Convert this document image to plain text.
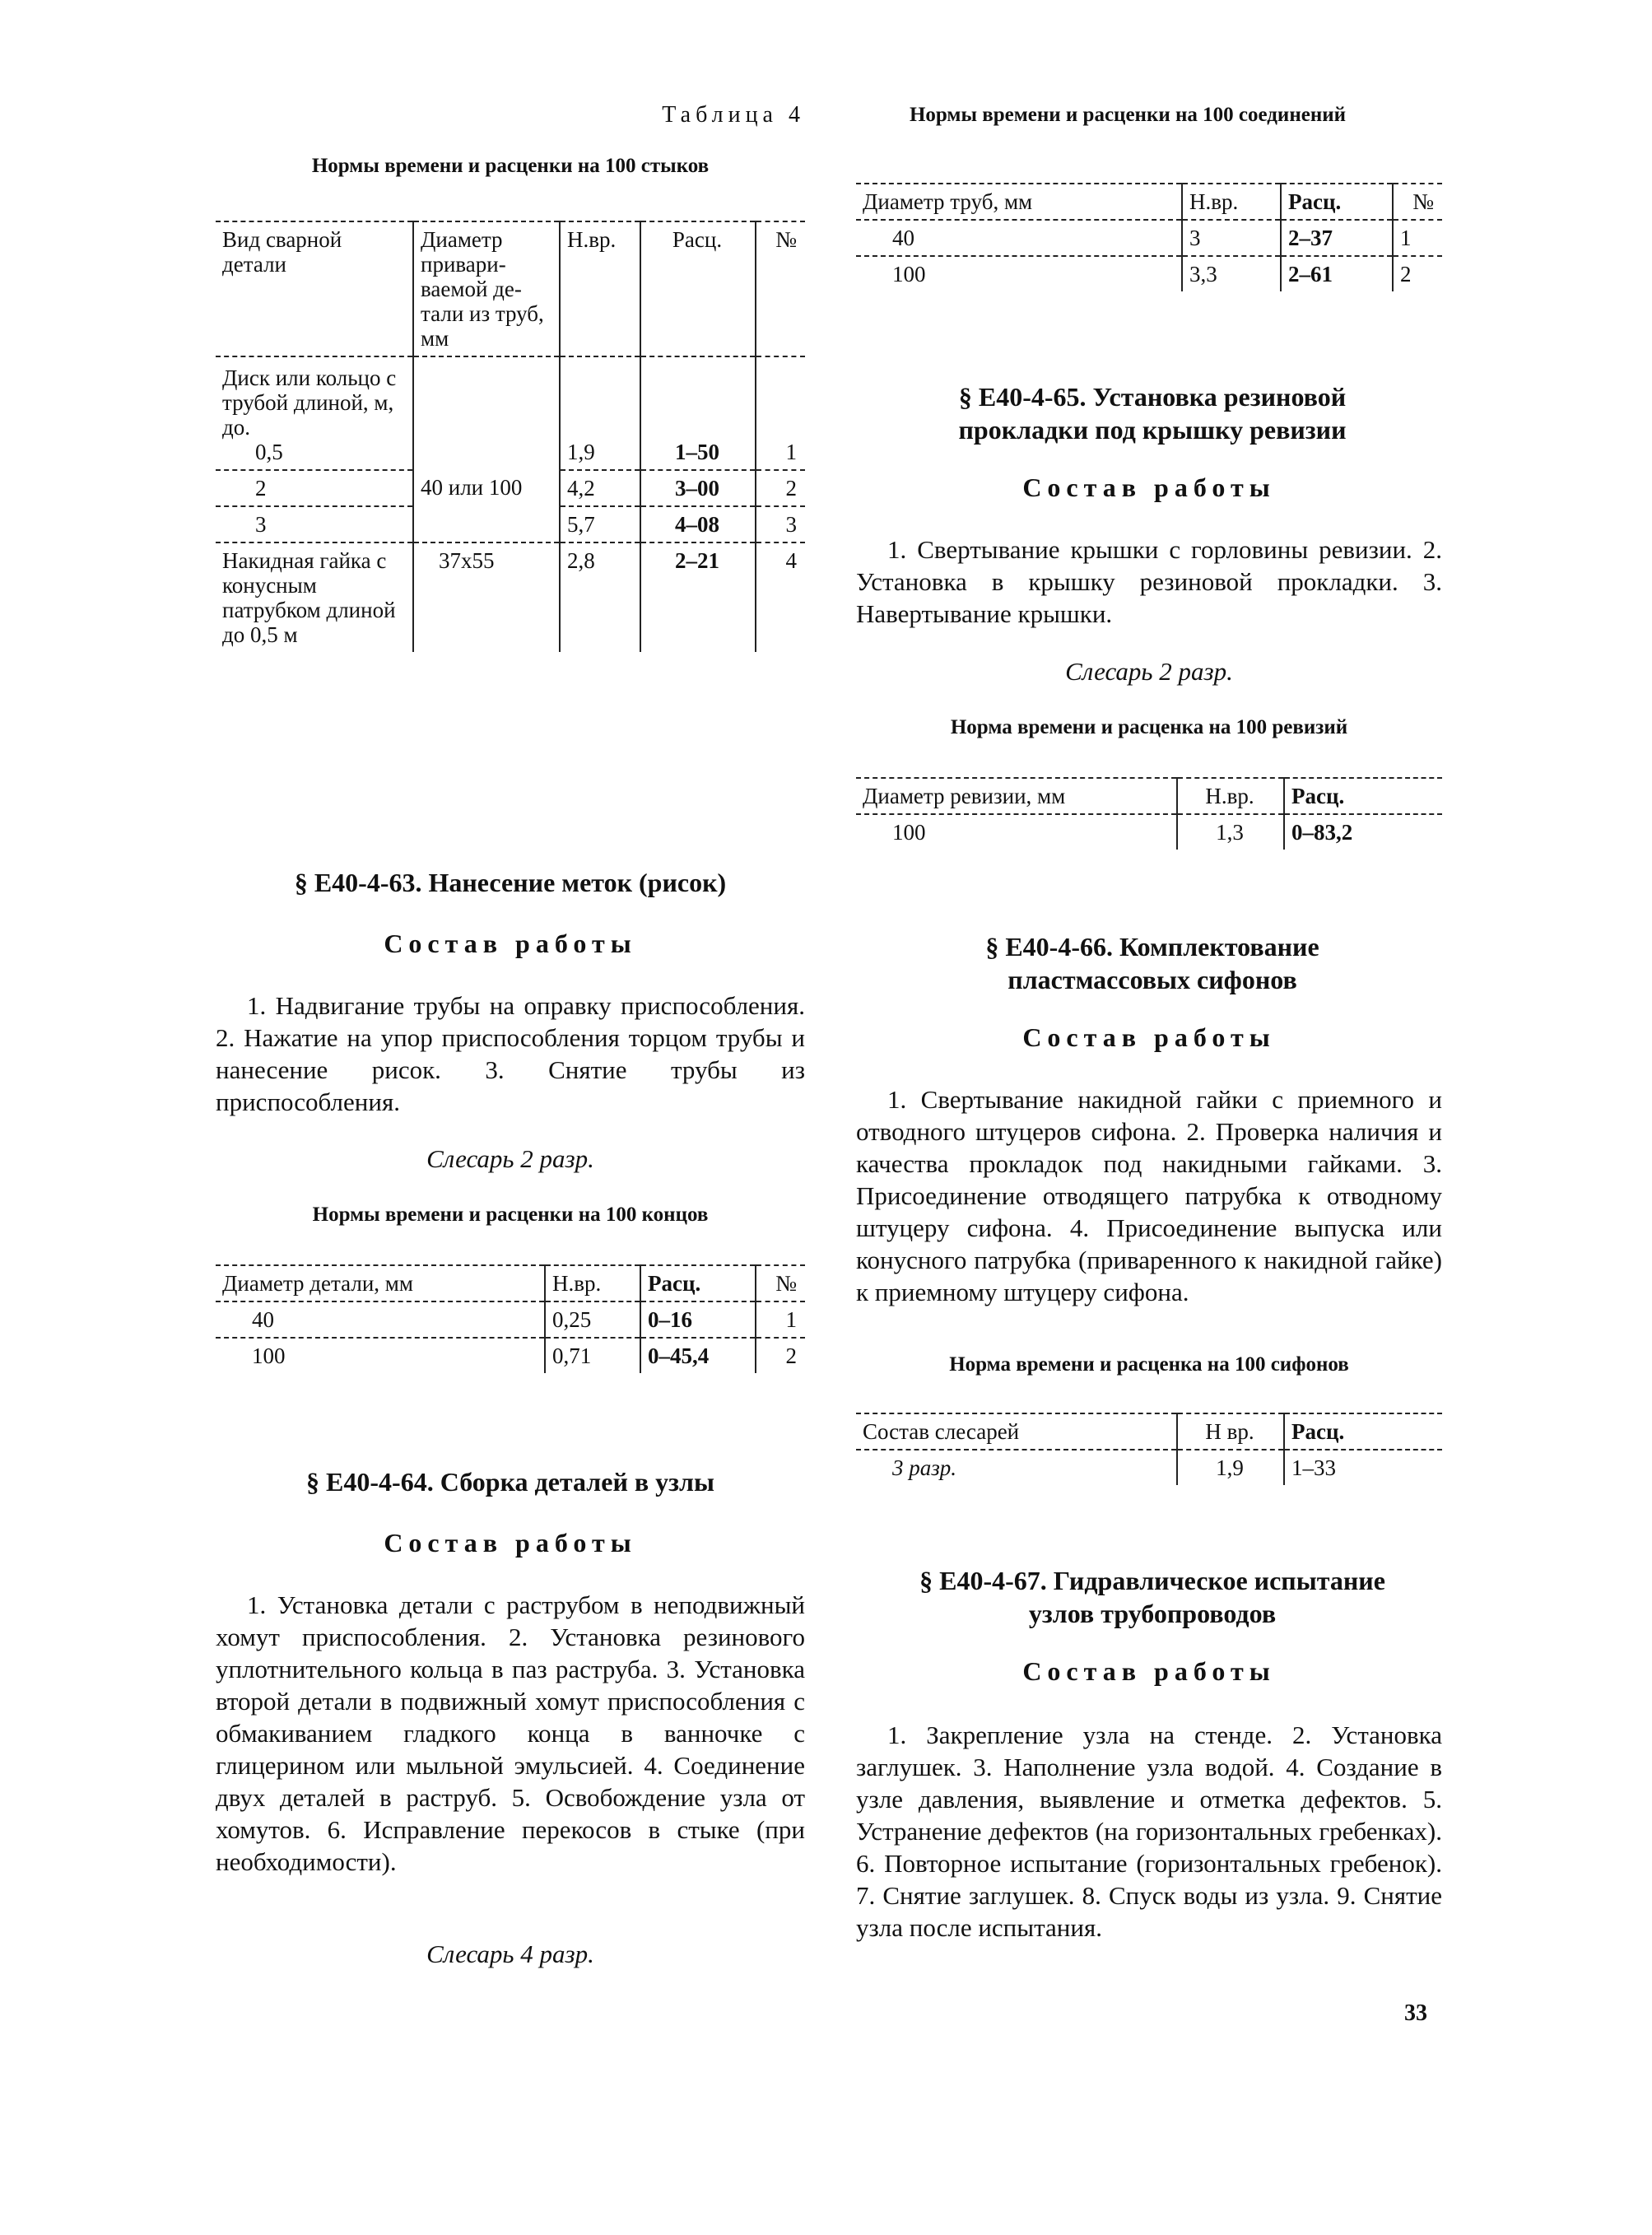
Таблица 4
Нормы времени и расценки на 100 стыков
Вид сварной детали	Диаметр привари-ваемой де-тали из труб, мм	Н.вр.	Расц.	№

Диск или кольцо с трубой длиной, м, до.
0,5		1,9	1–50	1
2	40 или 100	4,2	3–00	2
3		5,7	4–08	3
Накидная гайка с конусным патрубком длиной до 0,5 м	37x55	2,8	2–21	4
§ Е40-4-63. Нанесение меток (рисок)
Состав работы
1. Надвигание трубы на оправку приспособления. 2. Нажатие на упор приспособления торцом трубы и нанесение рисок. 3. Снятие трубы из приспособления.
Слесарь 2 разр.
Нормы времени и расценки на 100 концов
Диаметр детали, мм	Н.вр.	Расц.	№
40	0,25	0–16	1
100	0,71	0–45,4	2
§ Е40-4-64. Сборка деталей в узлы
Состав работы
1. Установка детали с раструбом в неподвижный хомут приспособления. 2. Установка резинового уплотнительного кольца в паз раструба. 3. Установка второй детали в подвижный хомут приспособления с обмакиванием гладкого конца в ванночке с глицерином или мыльной эмульсией. 4. Соединение двух деталей в раструб. 5. Освобождение узла от хомутов. 6. Исправление перекосов в стыке (при необходимости).
Слесарь 4 разр.
Нормы времени и расценки на 100 соединений
Диаметр труб, мм	Н.вр.	Расц.	№
40	3	2–37	1
100	3,3	2–61	2
§ Е40-4-65. Установка резиновой прокладки под крышку ревизии
Состав работы
1. Свертывание крышки с горловины ревизии. 2. Установка в крышку резиновой прокладки. 3. Навертывание крышки.
Слесарь 2 разр.
Норма времени и расценка на 100 ревизий
Диаметр ревизии, мм	Н.вр.	Расц.
100	1,3	0–83,2
§ Е40-4-66. Комплектование пластмассовых сифонов
Состав работы
1. Свертывание накидной гайки с приемного и отводного штуцеров сифона. 2. Проверка наличия и качества прокладок под накидными гайками. 3. Присоединение отводящего патрубка к отводному штуцеру сифона. 4. Присоединение выпуска или конусного патрубка (приваренного к накидной гайке) к приемному штуцеру сифона.
Норма времени и расценка на 100 сифонов
Состав слесарей	Н вр.	Расц.
3 разр.	1,9	1–33
§ Е40-4-67. Гидравлическое испытание узлов трубопроводов
Состав работы
1. Закрепление узла на стенде. 2. Установка заглушек. 3. Наполнение узла водой. 4. Создание в узле давления, выявление и отметка дефектов. 5. Устранение дефектов (на горизонтальных гребенках). 6. Повторное испытание (горизонтальных гребенок). 7. Снятие заглушек. 8. Спуск воды из узла. 9. Снятие узла после испытания.
33
